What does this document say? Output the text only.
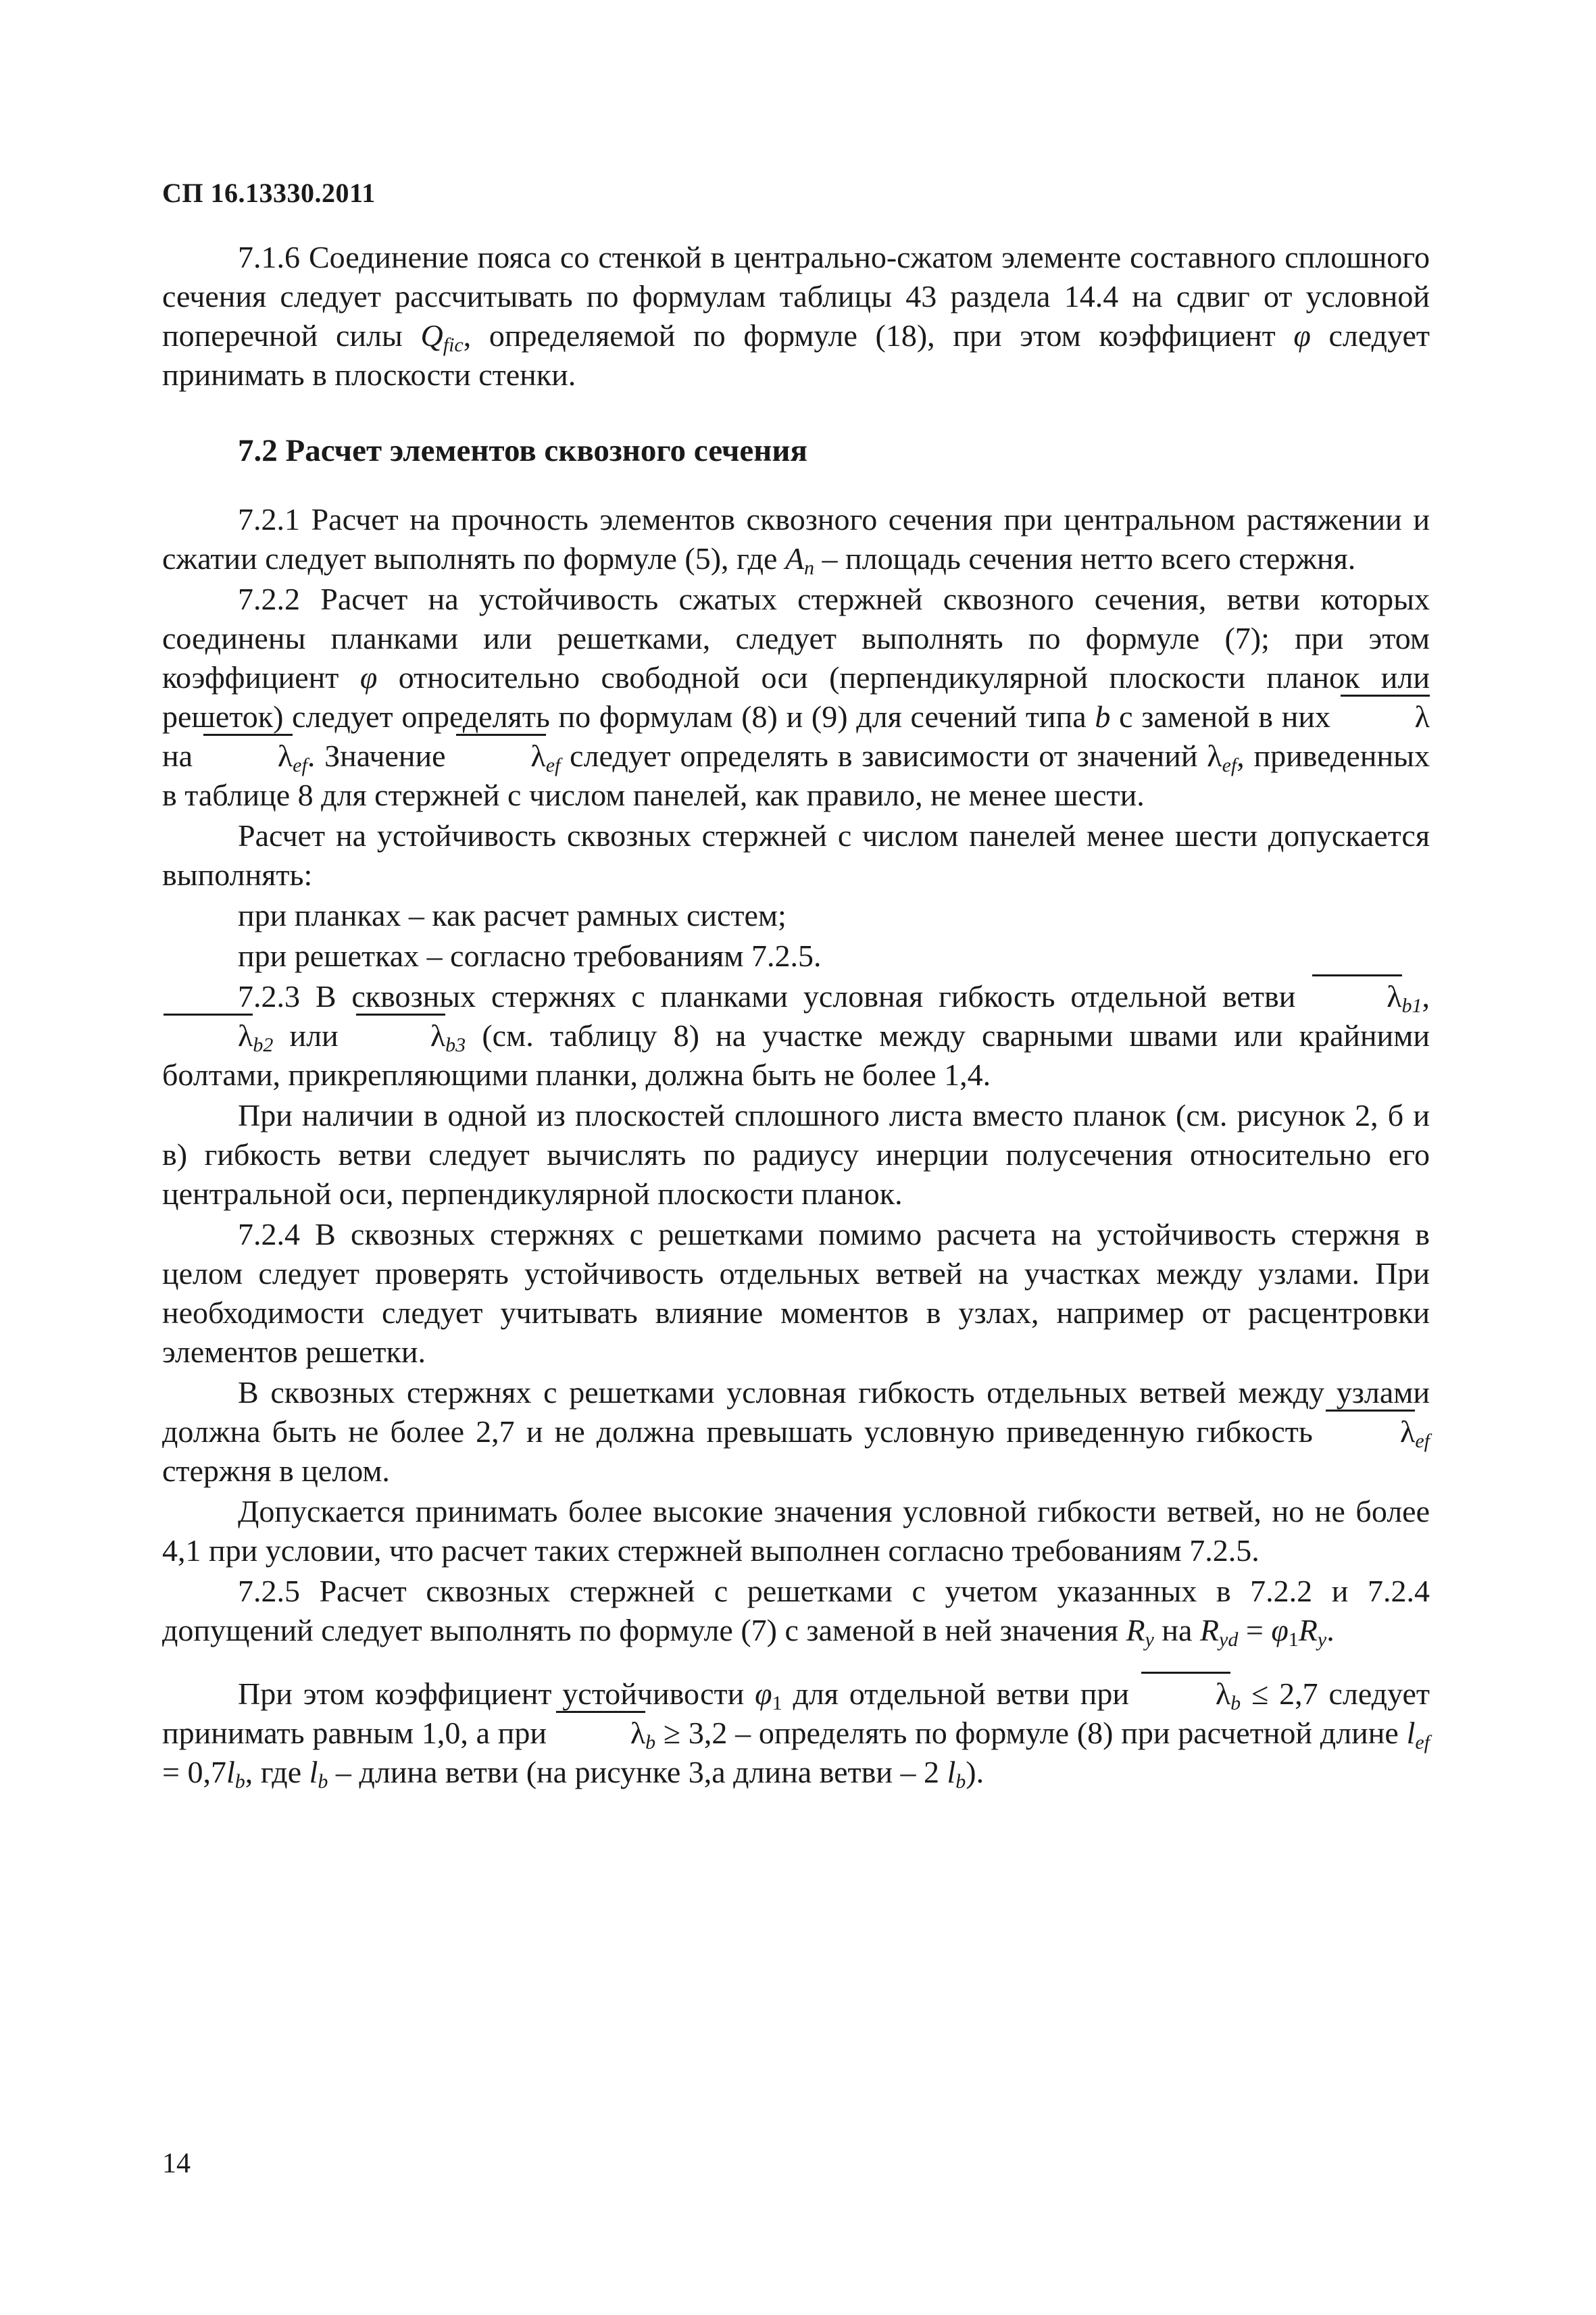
СП 16.13330.2011

7.1.6 Соединение пояса со стенкой в центрально-сжатом элементе составного сплошного сечения следует рассчитывать по формулам таблицы 43 раздела 14.4 на сдвиг от условной поперечной силы $Q_{fic}$, определяемой по формуле (18), при этом коэффициент φ следует принимать в плоскости стенки.

7.2 Расчет элементов сквозного сечения

7.2.1 Расчет на прочность элементов сквозного сечения при центральном растяжении и сжатии следует выполнять по формуле (5), где $A_n$ – площадь сечения нетто всего стержня.

7.2.2 Расчет на устойчивость сжатых стержней сквозного сечения, ветви которых соединены планками или решетками, следует выполнять по формуле (7); при этом коэффициент φ относительно свободной оси (перпендикулярной плоскости планок или решеток) следует определять по формулам (8) и (9) для сечений типа b с заменой в них λ на $\lambda_{ef}$. Значение $\lambda_{ef}$ следует определять в зависимости от значений $\lambda_{ef}$, приведенных в таблице 8 для стержней с числом панелей, как правило, не менее шести.

Расчет на устойчивость сквозных стержней с числом панелей менее шести допускается выполнять:

при планках – как расчет рамных систем;

при решетках – согласно требованиям 7.2.5.

7.2.3 В сквозных стержнях с планками условная гибкость отдельной ветви $\lambda_{b1}$, $\lambda_{b2}$ или $\lambda_{b3}$ (см. таблицу 8) на участке между сварными швами или крайними болтами, прикрепляющими планки, должна быть не более 1,4.

При наличии в одной из плоскостей сплошного листа вместо планок (см. рисунок 2, б и в) гибкость ветви следует вычислять по радиусу инерции полусечения относительно его центральной оси, перпендикулярной плоскости планок.

7.2.4 В сквозных стержнях с решетками помимо расчета на устойчивость стержня в целом следует проверять устойчивость отдельных ветвей на участках между узлами. При необходимости следует учитывать влияние моментов в узлах, например от расцентровки элементов решетки.

В сквозных стержнях с решетками условная гибкость отдельных ветвей между узлами должна быть не более 2,7 и не должна превышать условную приведенную гибкость $\lambda_{ef}$ стержня в целом.

Допускается принимать более высокие значения условной гибкости ветвей, но не более 4,1 при условии, что расчет таких стержней выполнен согласно требованиям 7.2.5.

7.2.5 Расчет сквозных стержней с решетками с учетом указанных в 7.2.2 и 7.2.4 допущений следует выполнять по формуле (7) с заменой в ней значения $R_y$ на $R_{yd} = \varphi_1R_y$.

При этом коэффициент устойчивости $\varphi_1$ для отдельной ветви при $\lambda_b \le 2,7$ следует принимать равным 1,0, а при $\lambda_b \ge 3,2$ – определять по формуле (8) при расчетной длине $l_{ef} = 0,7l_b$, где $l_b$ – длина ветви (на рисунке 3,а длина ветви – 2 $l_b$).

14
